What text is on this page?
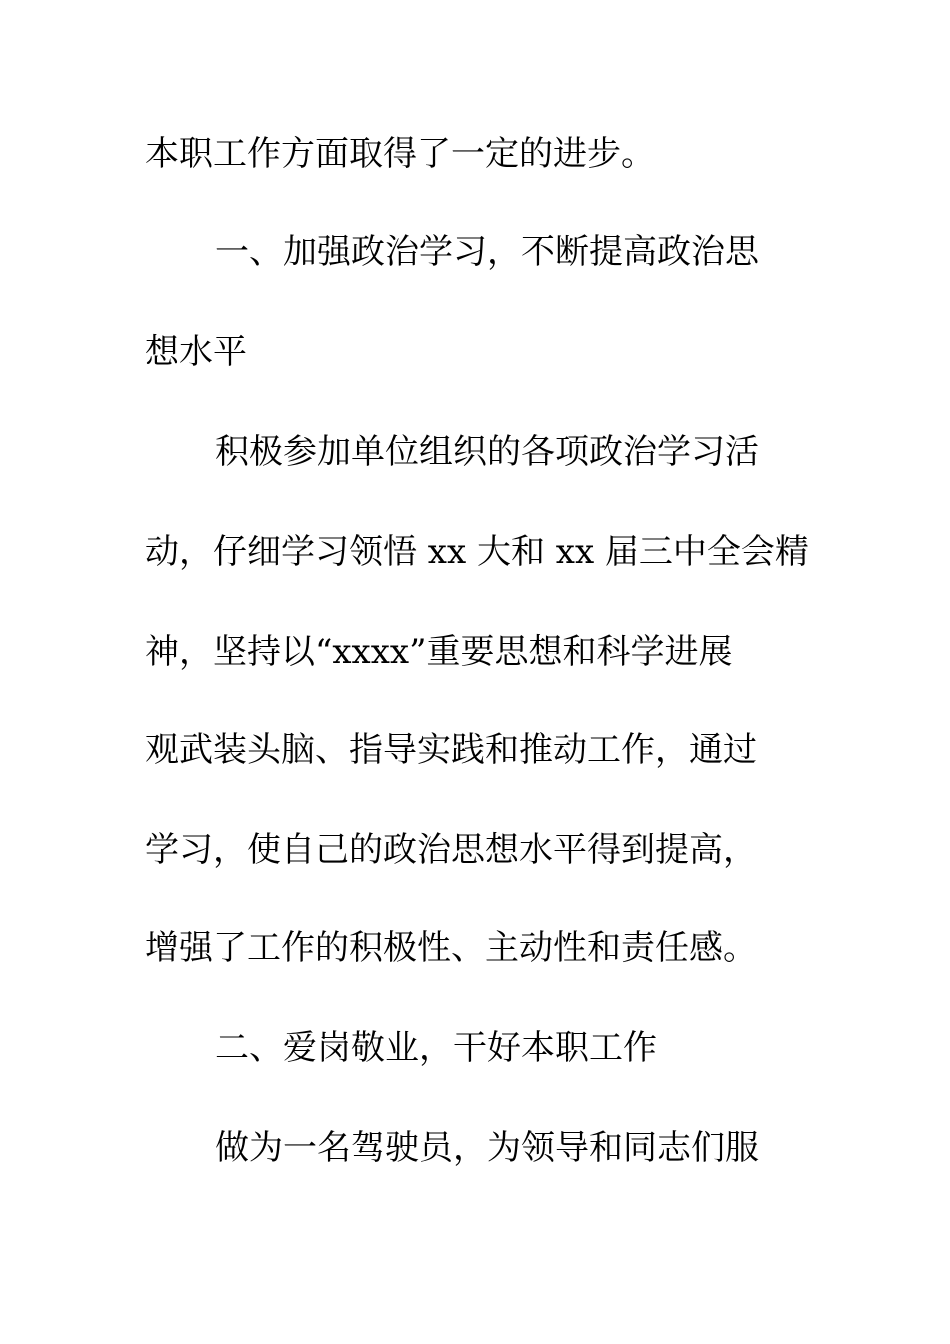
本职工作方面取得了一定的进步。
一、加强政治学习，不断提高政治思
想水平
积极参加单位组织的各项政治学习活
动，仔细学习领悟 xx 大和 xx 届三中全会精
神，坚持以“xxxx”重要思想和科学进展
观武装头脑、指导实践和推动工作，通过
学习，使自己的政治思想水平得到提高，
增强了工作的积极性、主动性和责任感。
二、爱岗敬业，干好本职工作
做为一名驾驶员，为领导和同志们服
